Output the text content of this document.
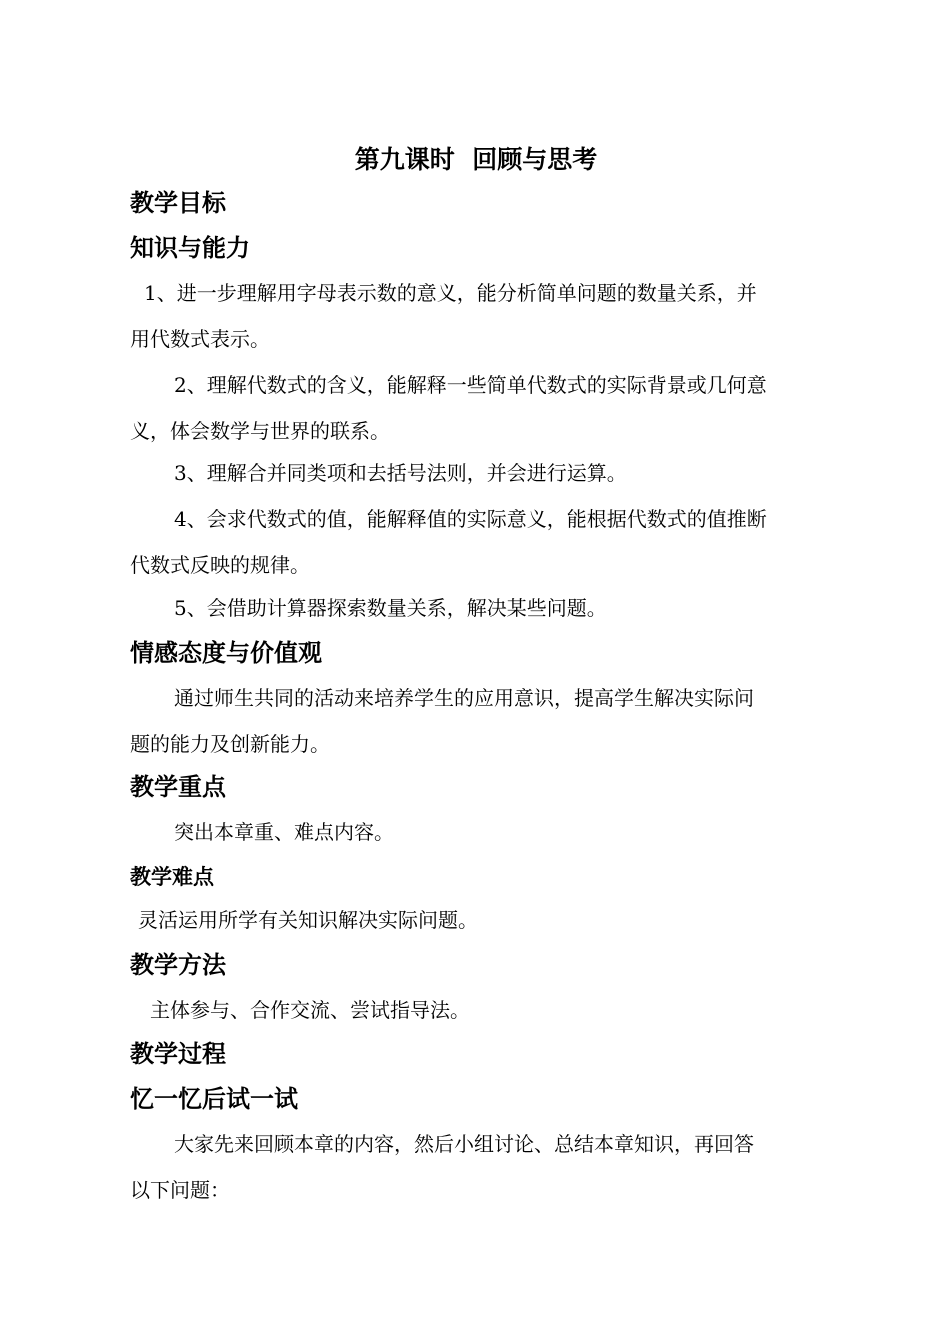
第九课时  回顾与思考
教学目标
知识与能力
1、进一步理解用字母表示数的意义，能分析简单问题的数量关系，并
用代数式表示。
2、理解代数式的含义，能解释一些简单代数式的实际背景或几何意
义，体会数学与世界的联系。
3、理解合并同类项和去括号法则，并会进行运算。
4、会求代数式的值，能解释值的实际意义，能根据代数式的值推断
代数式反映的规律。
5、会借助计算器探索数量关系，解决某些问题。
情感态度与价值观
通过师生共同的活动来培养学生的应用意识，提高学生解决实际问
题的能力及创新能力。
教学重点
突出本章重、难点内容。
教学难点
灵活运用所学有关知识解决实际问题。
教学方法
主体参与、合作交流、尝试指导法。
教学过程
忆一忆后试一试
大家先来回顾本章的内容，然后小组讨论、总结本章知识，再回答
以下问题：
